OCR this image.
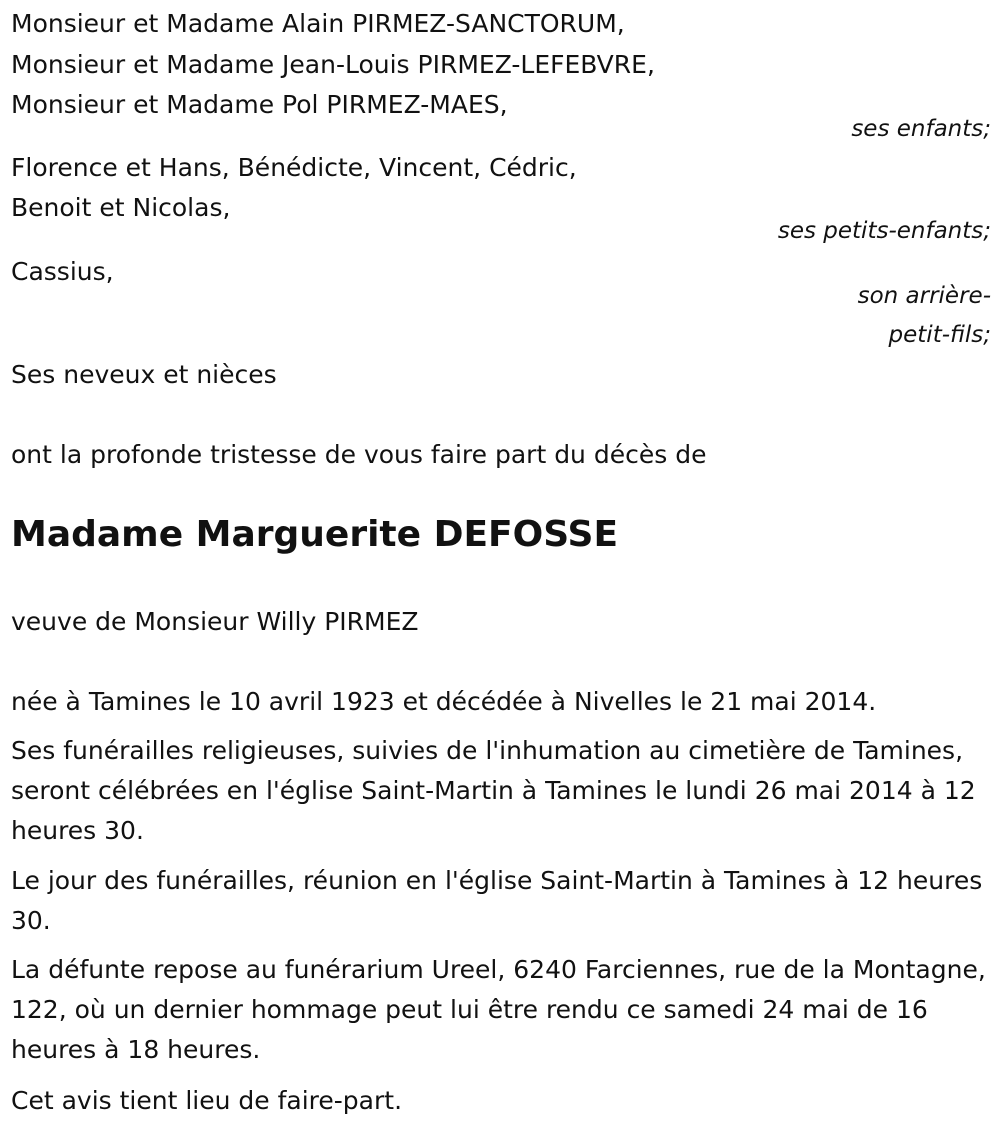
Monsieur et Madame Alain PIRMEZ-SANCTORUM,
Monsieur et Madame Jean-Louis PIRMEZ-LEFEBVRE,
Monsieur et Madame Pol PIRMEZ-MAES,
ses enfants;
Florence et Hans, Bénédicte, Vincent, Cédric,
Benoit et Nicolas,
ses petits-enfants;
Cassius,
son arrière-
petit-fils;
Ses neveux et nièces
ont la profonde tristesse de vous faire part du décès de
Madame Marguerite DEFOSSE
veuve de Monsieur Willy PIRMEZ
née à Tamines le 10 avril 1923 et décédée à Nivelles le 21 mai 2014.
Ses funérailles religieuses, suivies de l'inhumation au cimetière de Tamines, seront célébrées en l'église Saint-Martin à Tamines le lundi 26 mai 2014 à 12 heures 30.
Le jour des funérailles, réunion en l'église Saint-Martin à Tamines à 12 heures 30.
La défunte repose au funérarium Ureel, 6240 Farciennes, rue de la Montagne, 122, où un dernier hommage peut lui être rendu ce samedi 24 mai de 16 heures à 18 heures.
Cet avis tient lieu de faire-part.
